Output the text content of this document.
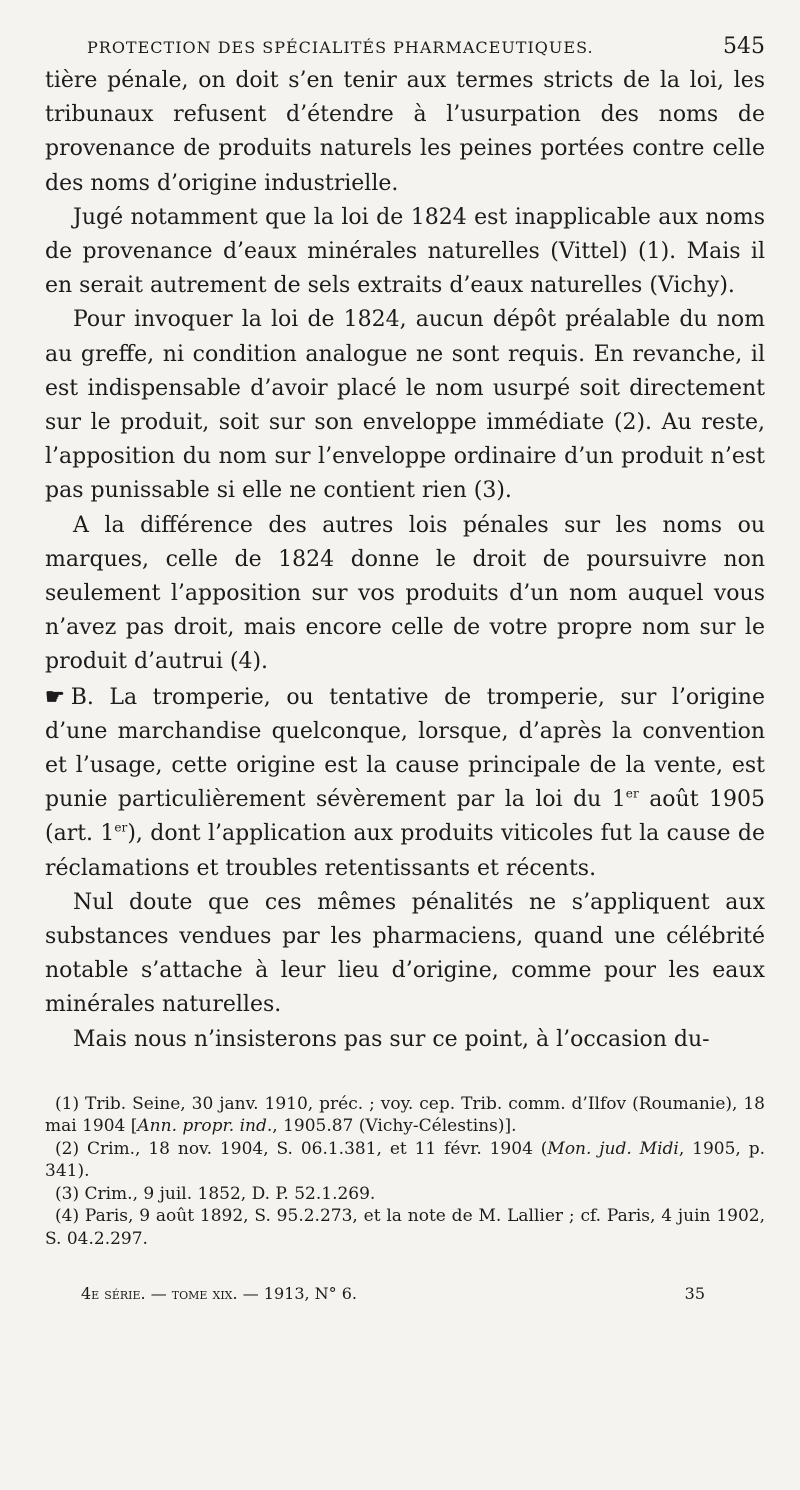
PROTECTION DES SPÉCIALITÉS PHARMACEUTIQUES.	545

tière pénale, on doit s’en tenir aux termes stricts de la loi, les tribunaux refusent d’étendre à l’usurpation des noms de provenance de produits naturels les peines portées contre celle des noms d’origine industrielle.

Jugé notamment que la loi de 1824 est inapplicable aux noms de provenance d’eaux minérales naturelles (Vittel) (1). Mais il en serait autrement de sels extraits d’eaux naturelles (Vichy).

Pour invoquer la loi de 1824, aucun dépôt préalable du nom au greffe, ni condition analogue ne sont requis. En revanche, il est indispensable d’avoir placé le nom usurpé soit directement sur le produit, soit sur son enveloppe immédiate (2). Au reste, l’apposition du nom sur l’enveloppe ordinaire d’un produit n’est pas punissable si elle ne contient rien (3).

A la différence des autres lois pénales sur les noms ou marques, celle de 1824 donne le droit de poursuivre non seulement l’apposition sur vos produits d’un nom auquel vous n’avez pas droit, mais encore celle de votre propre nom sur le produit d’autrui (4).

☛ B. La tromperie, ou tentative de tromperie, sur l’origine d’une marchandise quelconque, lorsque, d’après la convention et l’usage, cette origine est la cause principale de la vente, est punie particulièrement sévèrement par la loi du 1er août 1905 (art. 1er), dont l’application aux produits viticoles fut la cause de réclamations et troubles retentissants et récents.

Nul doute que ces mêmes pénalités ne s’appliquent aux substances vendues par les pharmaciens, quand une célébrité notable s’attache à leur lieu d’origine, comme pour les eaux minérales naturelles.

Mais nous n’insisterons pas sur ce point, à l’occasion du-

(1) Trib. Seine, 30 janv. 1910, préc. ; voy. cep. Trib. comm. d’Ilfov (Roumanie), 18 mai 1904 [Ann. propr. ind., 1905.87 (Vichy-Célestins)].

(2) Crim., 18 nov. 1904, S. 06.1.381, et 11 févr. 1904 (Mon. jud. Midi, 1905, p. 341).

(3) Crim., 9 juil. 1852, D. P. 52.1.269.

(4) Paris, 9 août 1892, S. 95.2.273, et la note de M. Lallier ; cf. Paris, 4 juin 1902, S. 04.2.297.

4e série. — tome xix. — 1913, N° 6.	35
